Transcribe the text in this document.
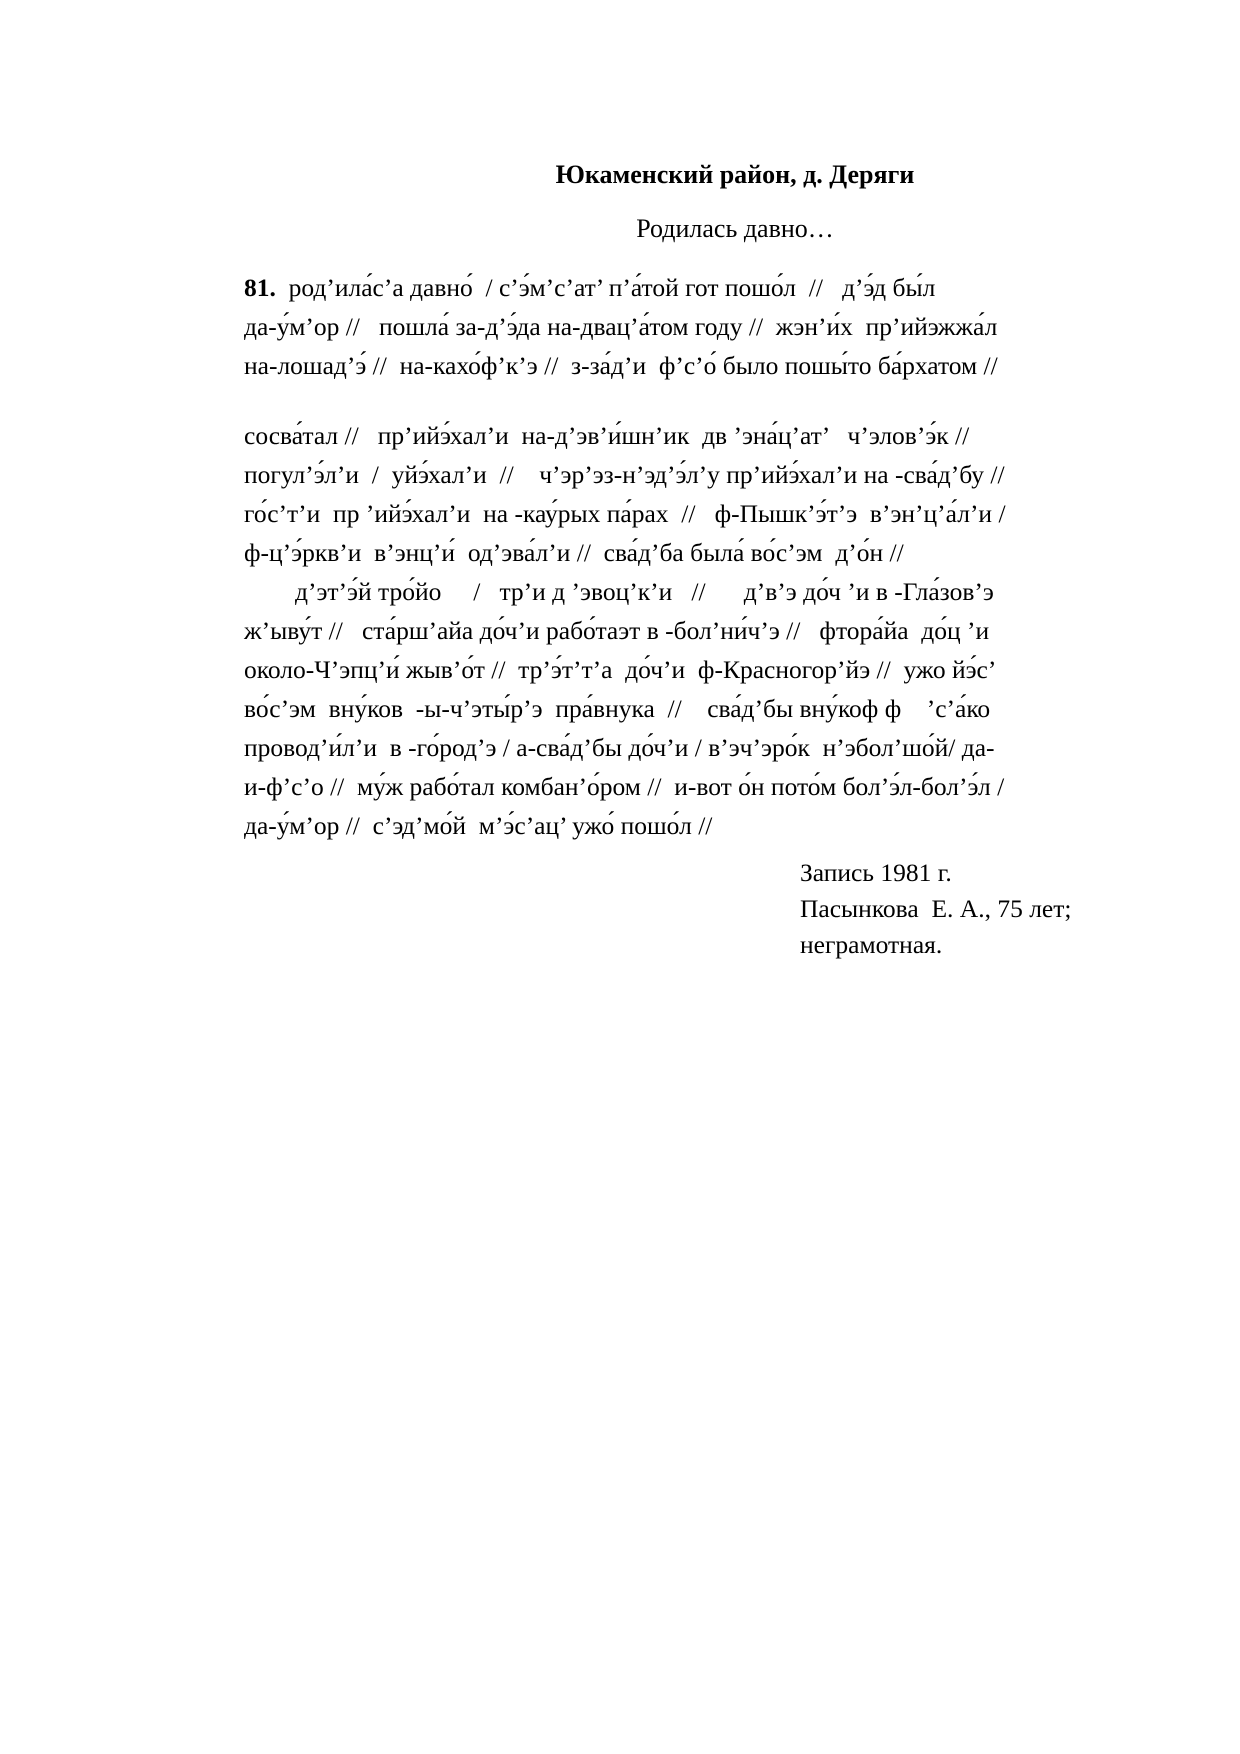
Юкаменский район, д. Деряги
Родилась давно…
81.  род’ила́с’а давно́  / с’э́м’с’ат’ п’а́той гот пошо́л  //   д’э́д бы́л
да-у́м’ор //   пошла́ за-д’э́да на-двац’а́том году //  жэн’и́х  пр’ийэжжа́л
на-лошад’э́ //  на-кахо́ф’к’э //  з-за́д’и  ф’с’о́ было пошы́то ба́рхатом //
сосва́тал //   пр’ийэ́хал’и  на-д’эв’и́шн’ик  дв ’эна́ц’ат’   ч’элов’э́к //
погул’э́л’и  /  уйэ́хал’и  //    ч’эр’эз-н’эд’э́л’у пр’ийэ́хал’и на -сва́д’бу //
го́с’т’и  пр ’ийэ́хал’и  на -кау́рых па́рах  //   ф-Пышк’э́т’э  в’эн’ц’а́л’и /
ф-ц’э́ркв’и  в’энц’и́  од’эва́л’и //  сва́д’ба была́ во́с’эм  д’о́н //
д’эт’э́й тро́йо     /   тр’и д ’эвоц’к’и   //      д’в’э до́ч ’и в -Гла́зов’э
ж’ыву́т //   ста́рш’айа до́ч’и рабо́таэт в -бол’ни́ч’э //   фтора́йа  до́ц ’и
около-Ч’эпц’и́ жыв’о́т //  тр’э́т’т’а  до́ч’и  ф-Красногор’йэ //  ужо йэ́с’
во́с’эм  вну́ков  -ы-ч’эты́р’э  пра́внука  //    сва́д’бы вну́коф ф    ’с’а́ко
провод’и́л’и  в -го́род’э / а-сва́д’бы до́ч’и / в’эч’эро́к  н’эбол’шо́й/ да-
и-ф’с’о //  му́ж рабо́тал комбан’о́ром //  и-вот о́н пото́м бол’э́л-бол’э́л /
да-у́м’ор //  с’эд’мо́й  м’э́с’ац’ ужо́ пошо́л //
Запись 1981 г.
Пасынкова  Е. А., 75 лет;
неграмотная.
